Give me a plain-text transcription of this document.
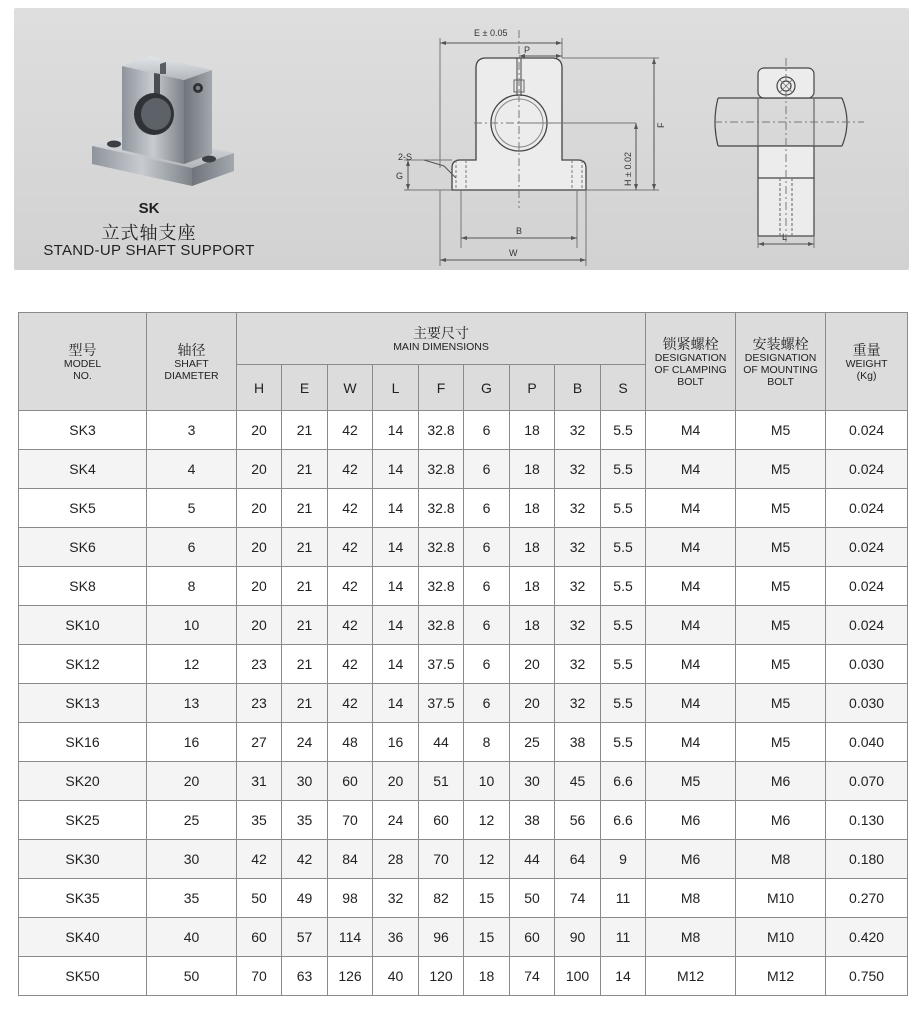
SK
立式轴支座
STAND-UP SHAFT SUPPORT
E ± 0.05
P
2-S
G
B
W
H ± 0.02
F
L
型号
MODEL
NO.	轴径
SHAFT
DIAMETER	主要尺寸
MAIN DIMENSIONS									锁紧螺栓
DESIGNATION
OF CLAMPING
BOLT	安装螺栓
DESIGNATION
OF MOUNTING
BOLT	重量
WEIGHT
(Kg)

		H	E	W	L	F	G	P	B	S			
SK3	3	20	21	42	14	32.8	6	18	32	5.5	M4	M5	0.024
SK4	4	20	21	42	14	32.8	6	18	32	5.5	M4	M5	0.024
SK5	5	20	21	42	14	32.8	6	18	32	5.5	M4	M5	0.024
SK6	6	20	21	42	14	32.8	6	18	32	5.5	M4	M5	0.024
SK8	8	20	21	42	14	32.8	6	18	32	5.5	M4	M5	0.024
SK10	10	20	21	42	14	32.8	6	18	32	5.5	M4	M5	0.024
SK12	12	23	21	42	14	37.5	6	20	32	5.5	M4	M5	0.030
SK13	13	23	21	42	14	37.5	6	20	32	5.5	M4	M5	0.030
SK16	16	27	24	48	16	44	8	25	38	5.5	M4	M5	0.040
SK20	20	31	30	60	20	51	10	30	45	6.6	M5	M6	0.070
SK25	25	35	35	70	24	60	12	38	56	6.6	M6	M6	0.130
SK30	30	42	42	84	28	70	12	44	64	9	M6	M8	0.180
SK35	35	50	49	98	32	82	15	50	74	11	M8	M10	0.270
SK40	40	60	57	114	36	96	15	60	90	11	M8	M10	0.420
SK50	50	70	63	126	40	120	18	74	100	14	M12	M12	0.750
